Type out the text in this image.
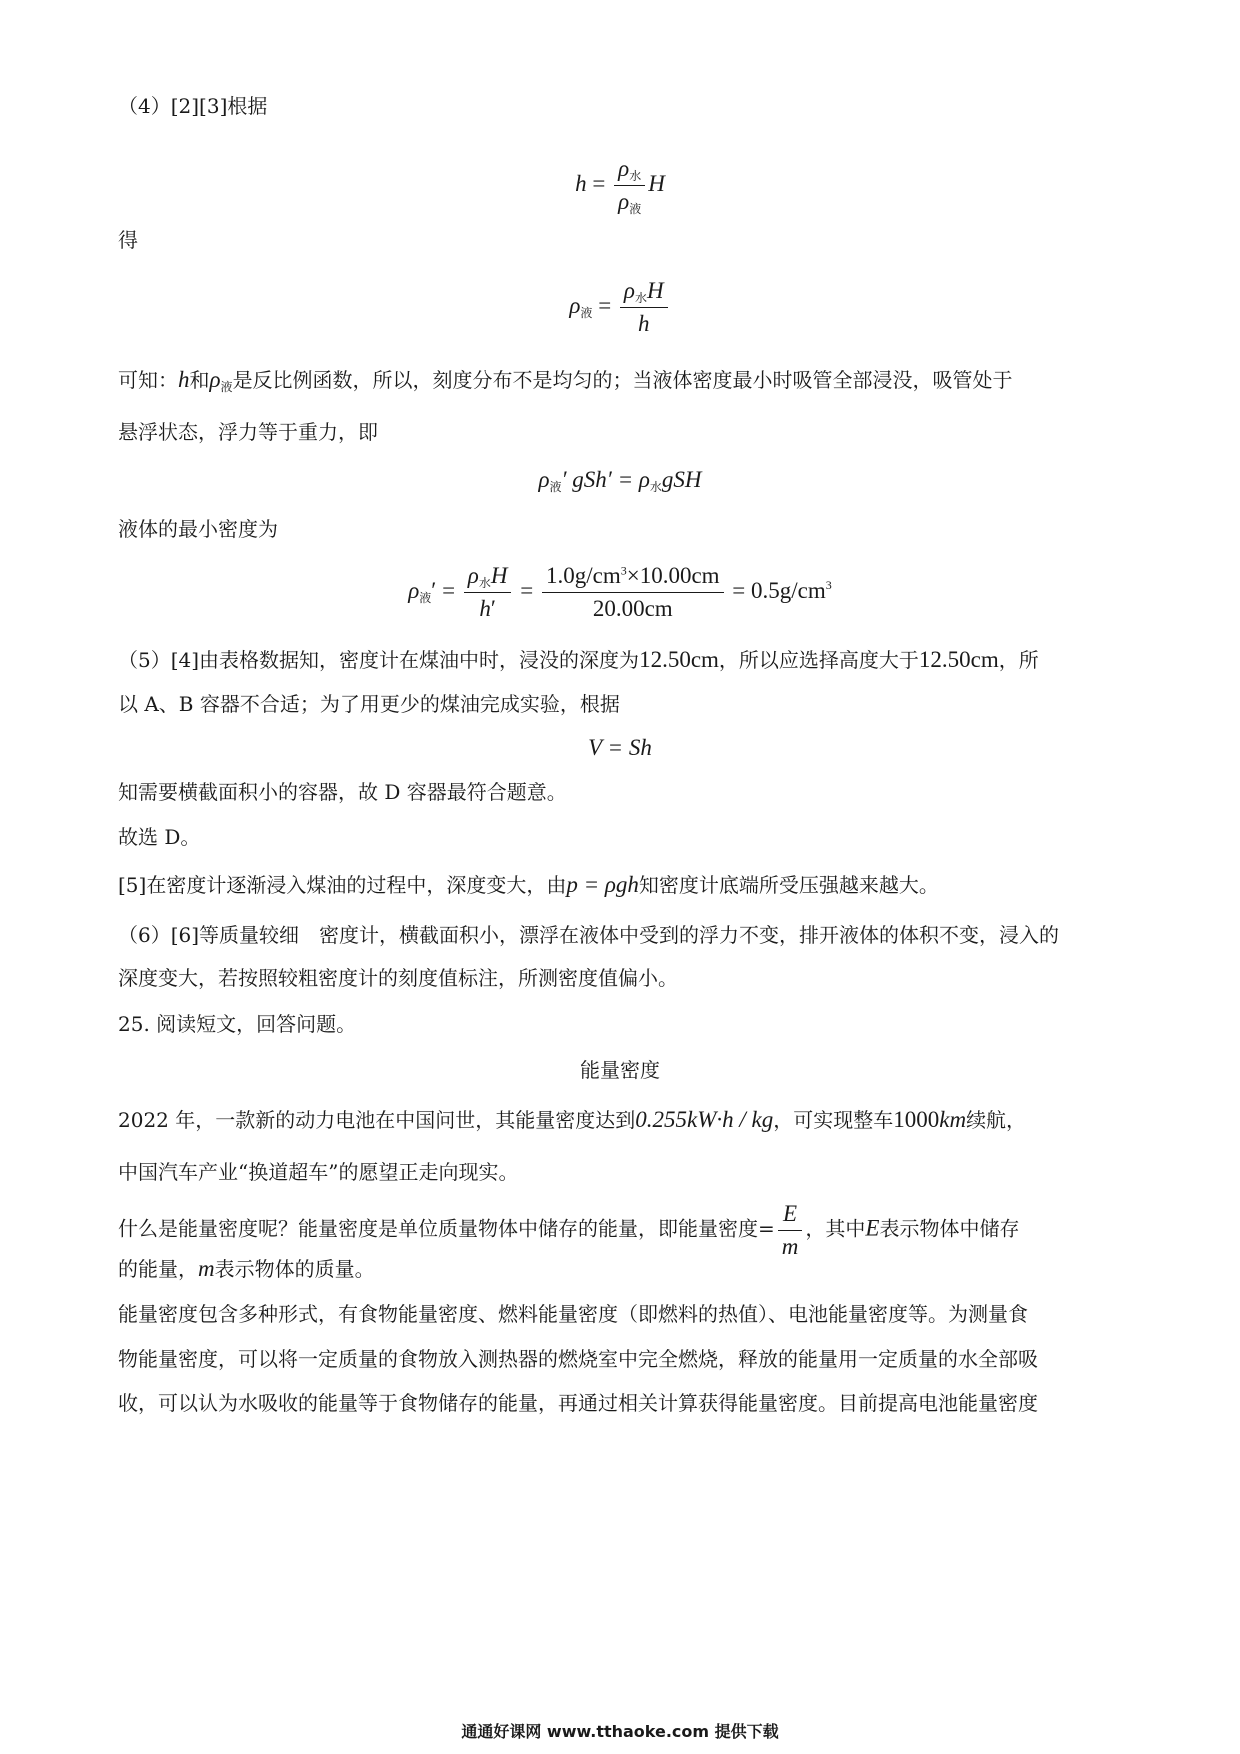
（4）[2][3]根据
$h = \frac{\rho_水}{\rho_液}$ H
得
$\rho_液 = \frac{\rho_水H}{h}$
可知：h和$\rho_液$是反比例函数，所以，刻度分布不是均匀的；当液体密度最小时吸管全部浸没，吸管处于
悬浮状态，浮力等于重力，即
$\rho_液'$ $gSh' = \rho_水gSH$
液体的最小密度为
$\rho_液' = \frac{\rho_水H}{h'} = \frac{1.0g/cm^3\times 10.00cm}{20.00cm} = 0.5g/cm^3$
（5）[4]由表格数据知，密度计在煤油中时，浸没的深度为12.50cm，所以应选择高度大于12.50cm，所
以 A、B 容器不合适；为了用更少的煤油完成实验，根据
V = Sh
知需要横截面积小的容器，故 D 容器最符合题意。
故选 D。
[5]在密度计逐渐浸入煤油的过程中，深度变大，由p = ρgh知密度计底端所受压强越来越大。
（6）[6]等质量较细　密度计，横截面积小，漂浮在液体中受到的浮力不变，排开液体的体积不变，浸入的
深度变大，若按照较粗密度计的刻度值标注，所测密度值偏小。
25. 阅读短文，回答问题。
能量密度
2022 年，一款新的动力电池在中国问世，其能量密度达到0.255kW·h / kg，可实现整车1000km续航，
中国汽车产业“换道超车”的愿望正走向现实。
什么是能量密度呢？能量密度是单位质量物体中储存的能量，即能量密度= $\frac{E}{m}$ ，其中E表示物体中储存
的能量，m表示物体的质量。
能量密度包含多种形式，有食物能量密度、燃料能量密度（即燃料的热值）、电池能量密度等。为测量食
物能量密度，可以将一定质量的食物放入测热器的燃烧室中完全燃烧，释放的能量用一定质量的水全部吸
收，可以认为水吸收的能量等于食物储存的能量，再通过相关计算获得能量密度。目前提高电池能量密度
通通好课网 www.tthaoke.com 提供下载
